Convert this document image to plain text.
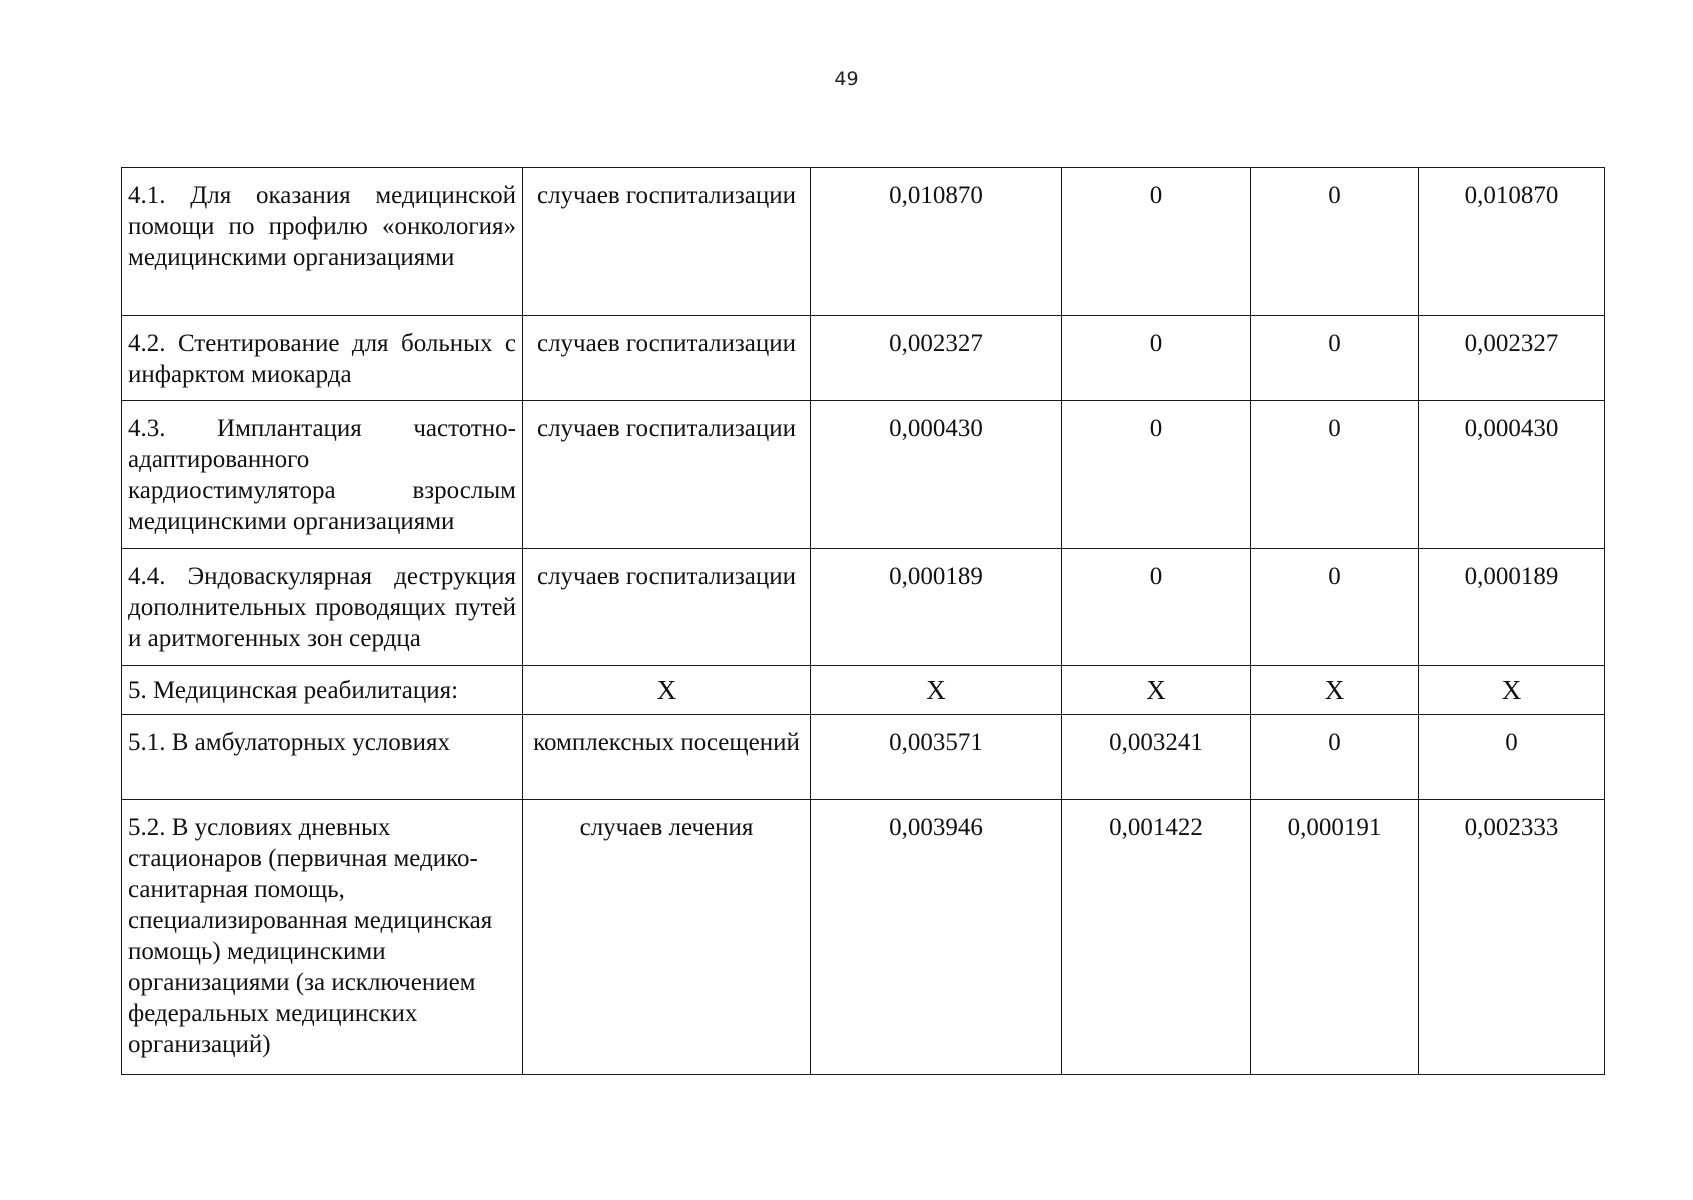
49
4.1. Для оказания медицинской помощи по профилю «онкология» медицинскими организациями	случаев госпитализации	0,010870	0	0	0,010870
4.2. Стентирование для больных с инфарктом миокарда	случаев госпитализации	0,002327	0	0	0,002327
4.3. Имплантация частотно-адаптированного кардиостимулятора взрослым медицинскими организациями	случаев госпитализации	0,000430	0	0	0,000430
4.4. Эндоваскулярная деструкция дополнительных проводящих путей и аритмогенных зон сердца	случаев госпитализации	0,000189	0	0	0,000189
5. Медицинская реабилитация:	X	X	X	X	X
5.1. В амбулаторных условиях	комплексных посещений	0,003571	0,003241	0	0
5.2. В условиях дневных стационаров (первичная медико-санитарная помощь, специализированная медицинская помощь) медицинскими организациями (за исключением федеральных медицинских организаций)	случаев лечения	0,003946	0,001422	0,000191	0,002333
